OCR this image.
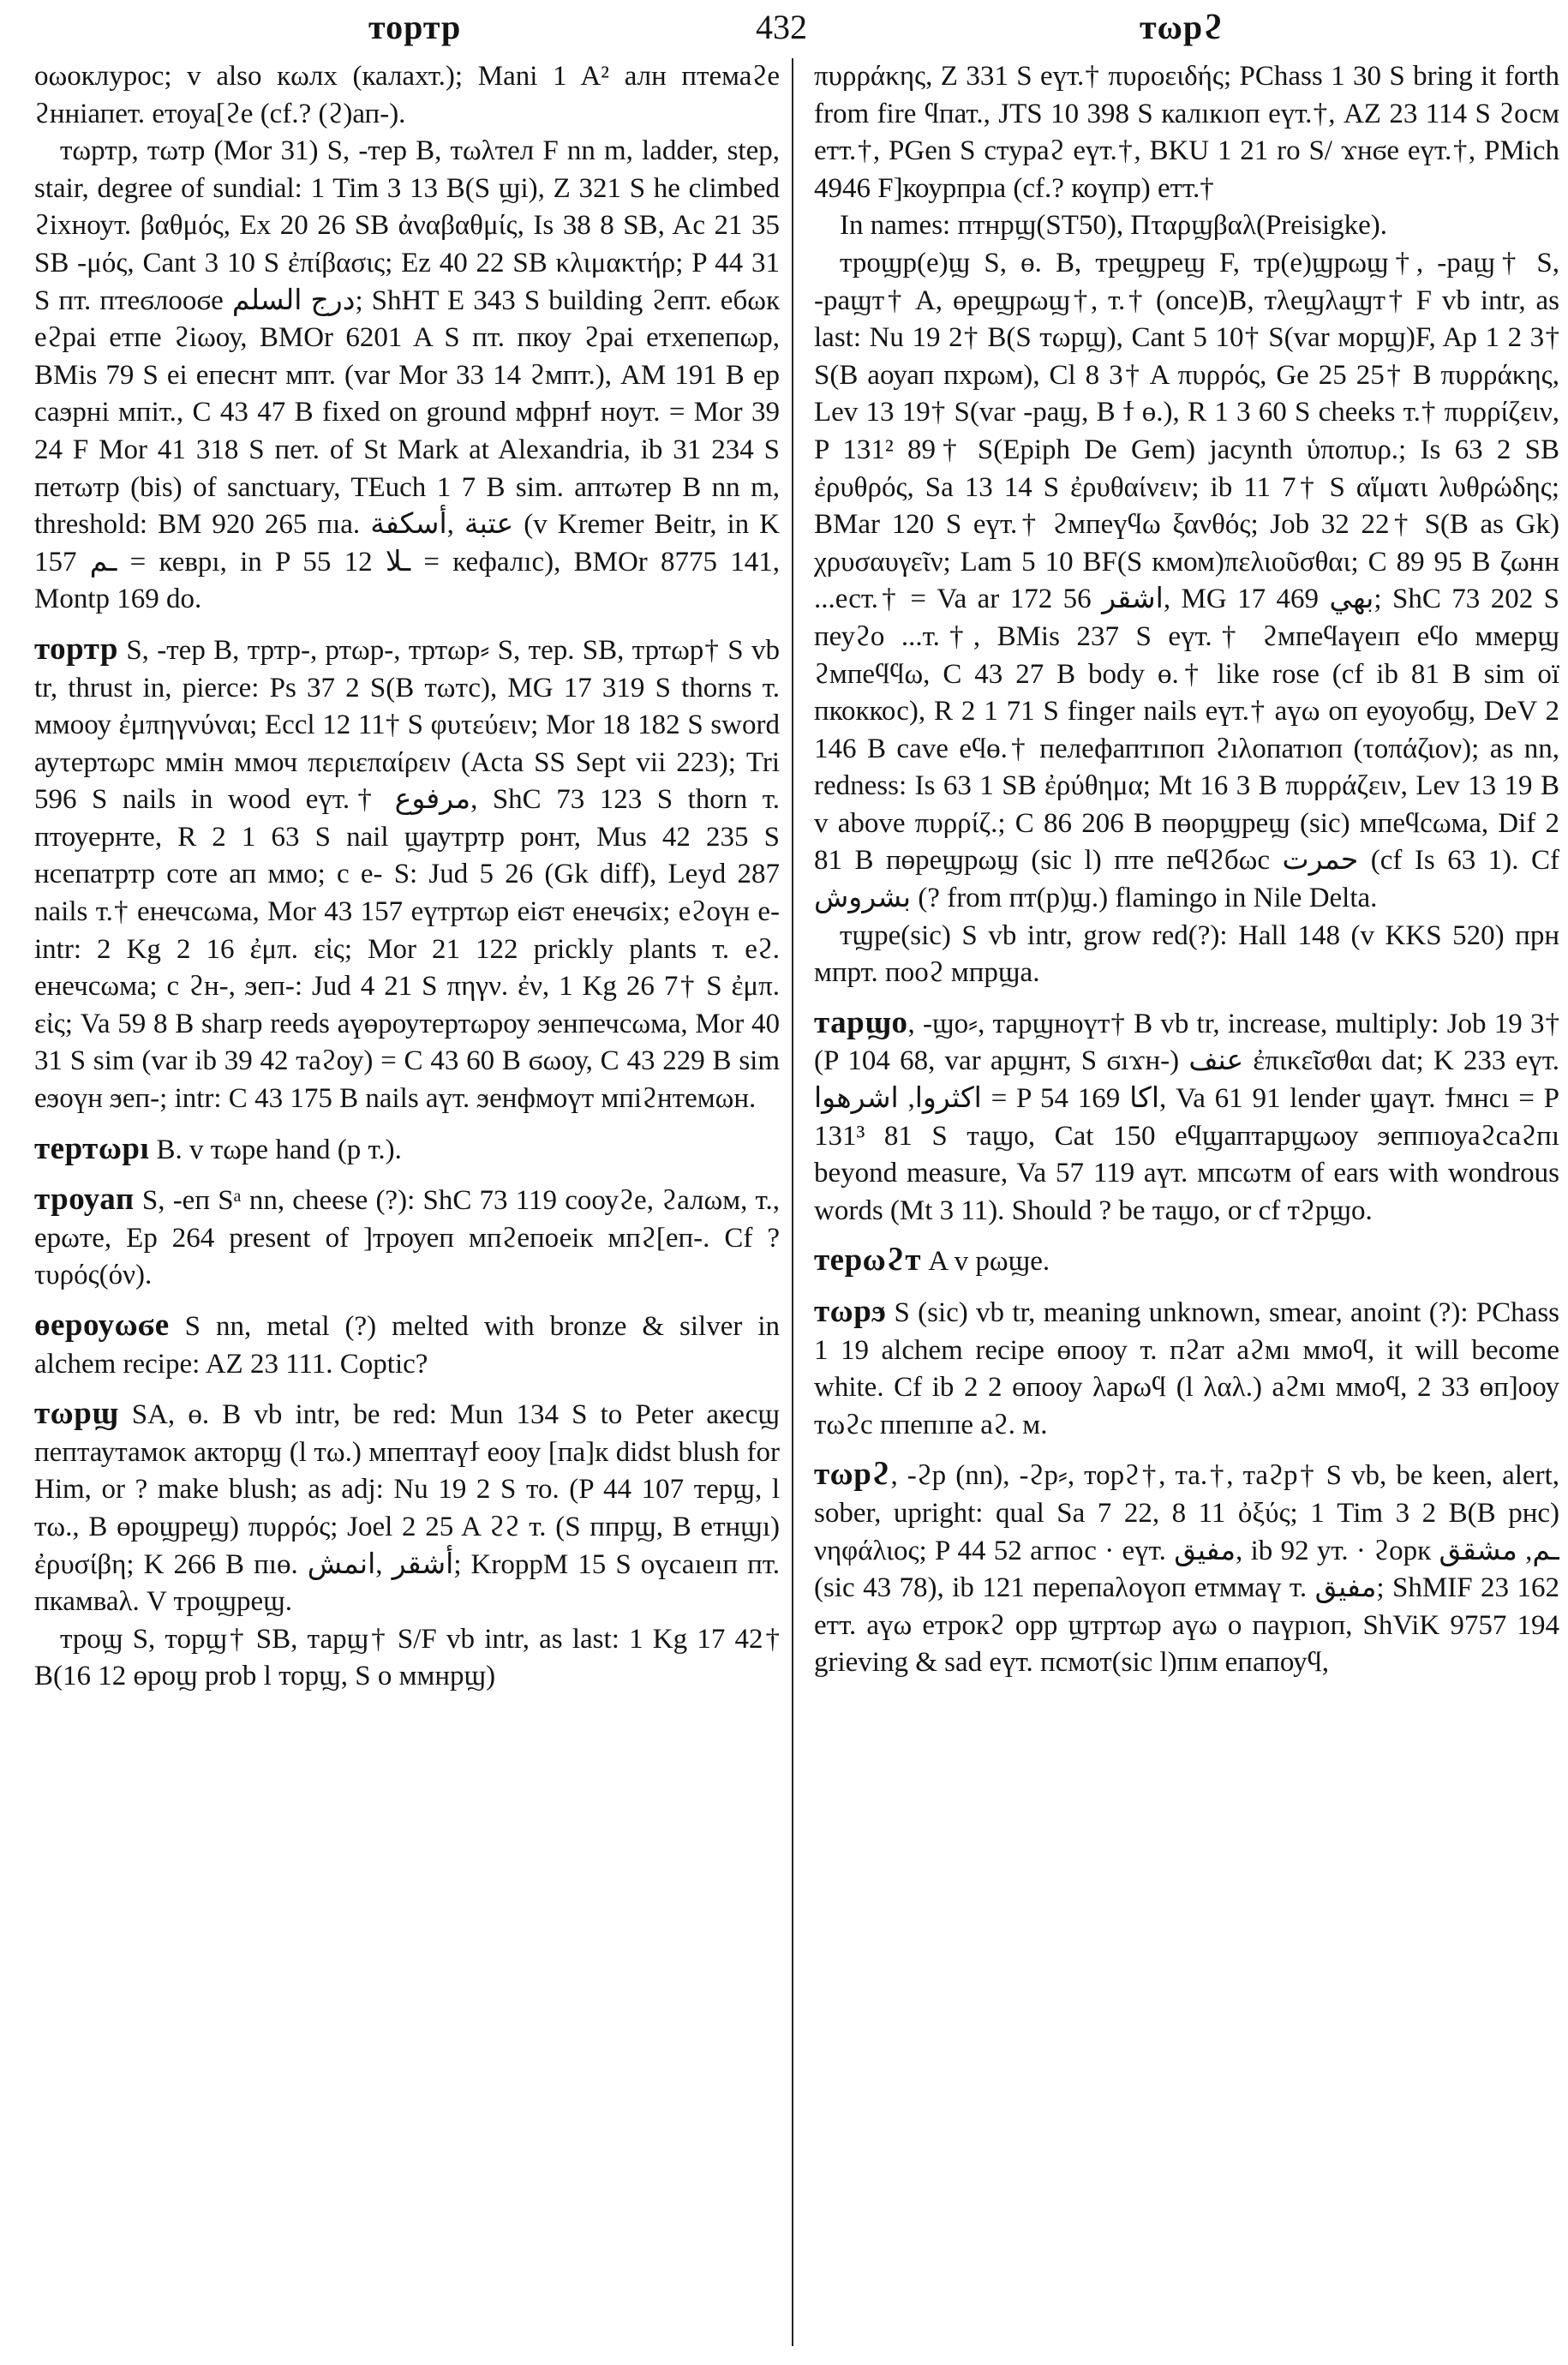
тортр	432	тωрϩ

оωоклуроc; v also кωлх (калахт.); Mani 1 A² алн птемаϩе ϩнніапет. етоуа[ϩе (cf.? (ϩ)ап-).

тωртр, тωтр (Mor 31) S, -тер B, тωλтел F nn m, ladder, step, stair, degree of sundial: 1 Tim 3 13 B(S ϣі), Z 321 S he climbed ϩіхноут. βαθμός, Ex 20 26 SB ἀναβαθμίς, Is 38 8 SB, Ac 21 35 SB -μός, Cant 3 10 S ἐπίβασις; Ez 40 22 SB κλιμακτήρ; P 44 31 S пт. птеϭлооϭе درج السلم; ShHT E 343 S building ϩепт. ебωк еϩраі етпе ϩіωоу, BMOr 6201 A S пт. пкоу ϩраі етхепепωр, BMis 79 S еі епеснт мпт. (var Mor 33 14 ϩмпт.), AM 191 B ер саϧрні мпіт., C 43 47 B fixed on ground мфрнϯ ноут. = Mor 39 24 F Mor 41 318 S пет. of St Mark at Alexandria, ib 31 234 S петωтр (bis) of sanctuary, TEuch 1 7 B sim. аптωтер B nn m, threshold: BM 920 265 пıа. عتبة ,أسكفة (v Kremer Beitr, in K 157 ـم = кеврı, in P 55 12 ـلا = кефалıс), BMOr 8775 141, Montp 169 do.

тортр S, -тер B, тртр-, ртωр-, тртωр⸗ S, тер. SB, тртωр† S vb tr, thrust in, pierce: Ps 37 2 S(B тωтс), MG 17 319 S thorns т. ммооу ἐμπηγνύναι; Eccl 12 11† S φυτεύειν; Mor 18 182 S sword ауτертωрс ммін ммоч περιεπαίρειν (Acta SS Sept vii 223); Tri 596 S nails in wood еүт.† مرفوع, ShC 73 123 S thorn т. птоуернте, R 2 1 63 S nail ϣаутртр ронт, Mus 42 235 S нсепатртр соте ап ммо; с е- S: Jud 5 26 (Gk diff), Leyd 287 nails т.† енечсωма, Mor 43 157 еүтртωр еіϭт енечϭіх; еϩоүн е- intr: 2 Kg 2 16 ἐμπ. εἰς; Mor 21 122 prickly plants т. еϩ. енечсωма; с ϩн-, ϧеп-: Jud 4 21 S πηγν. ἐν, 1 Kg 26 7† S ἐμπ. εἰς; Va 59 8 B sharp reeds аүөроутертωроу ϧенпечсωма, Mor 40 31 S sim (var ib 39 42 таϩоу) = C 43 60 B ϭωоу, C 43 229 B sim еϧоүн ϧеп-; intr: C 43 175 B nails аүт. ϧенфмоүт мпіϩнтемωн.

тертωрı B. v тωре hand (р т.).

троуап S, -еп Sᵃ nn, cheese (?): ShC 73 119 сооуϩе, ϩалωм, т., ерωте, Ep 264 present of ]троуеп мпϩепоеік мпϩ[еп-. Cf ?τυρός(όν).

өероуωϭе S nn, metal (?) melted with bronze & silver in alchem recipe: AZ 23 111. Coptic?

тωрϣ SA, ө. B vb intr, be red: Mun 134 S to Peter акесϣ пептаутамоκ акторϣ (l тω.) мпептаүϯ еооу [па]к didst blush for Him, or ? make blush; as adj: Nu 19 2 S то. (P 44 107 терϣ, l тω., B өроϣреϣ) πυρρός; Joel 2 25 A ϩϩ т. (S ппрϣ, B етнϣı) ἐρυσίβη; K 266 B пıө. أشقر ,انمش; KroppM 15 S оүсаıеıп пт. пкамваλ. V троϣреϣ.

троϣ S, торϣ† SB, тарϣ† S/F vb intr, as last: 1 Kg 17 42† B(16 12 өроϣ prob l торϣ, S о ммнрϣ)

πυρράκης, Z 331 S еүт.† πυροειδής; PChass 1 30 S bring it forth from fire ϥпат., JTS 10 398 S калıкıоп еүт.†, AZ 23 114 S ϩосм етт.†, PGen S стураϩ еүт.†, BKU 1 21 ro S/ ϫнϭе еүт.†, PMich 4946 F]коурпрıа (cf.? коүпр) етт.†

In names: птнрϣ(ST50), Πταρϣβαλ(Preisigke).

троϣр(е)ϣ S, ө. B, треϣреϣ F, тр(е)ϣрωϣ†, -раϣ† S, -раϣт† A, өреϣрωϣ†, т.† (once)B, тλеϣλаϣт† F vb intr, as last: Nu 19 2† B(S тωрϣ), Cant 5 10† S(var морϣ)F, Ap 1 2 3† S(B аоуап пхрωм), Cl 8 3† A πυρρός, Ge 25 25† B πυρράκης, Lev 13 19† S(var -раϣ, B ϯ ө.), R 1 3 60 S cheeks т.† πυρρίζειν, P 131² 89† S(Epiph De Gem) jacynth ὑποπυρ.; Is 63 2 SB ἐρυθρός, Sa 13 14 S ἐρυθαίνειν; ib 11 7† S αἵματι λυθρώδης; BMar 120 S еүт.† ϩмпеүϥω ξανθός; Job 32 22† S(B as Gk) χρυσαυγεῖν; Lam 5 10 BF(S кмом)πελιοῦσθαι; C 89 95 B ζωнн ...ест.† = Va ar 172 56 اشقر, MG 17 469 بهي; ShC 73 202 S пеуϩо ...т.†, BMis 237 S еүт.† ϩмпеϥаүеıп еϥо ммерϣ ϩмпеϥϥω, C 43 27 B body ө.† like rose (cf ib 81 B sim ої пкоккос), R 2 1 71 S finger nails еүт.† аүω оп еуоуобϣ, DeV 2 146 B cave еϥө.† пелефаптıпоп ϩıλопатıоп (τοπάζιον); as nn, redness: Is 63 1 SB ἐρύθημα; Mt 16 3 B πυρράζειν, Lev 13 19 B v above πυρρίζ.; C 86 206 B пөорϣреϣ (sic) мпеϥсωма, Dif 2 81 B пөреϣрωϣ (sic l) пте пеϥϩбωс حمرت (cf Is 63 1). Cf بشروش (? from пт(р)ϣ.) flamingo in Nile Delta.

тϣре(sic) S vb intr, grow red(?): Hall 148 (v KKS 520) прн мпрт. пооϩ мпрϣа.

тарϣо, -ϣо⸗, тарϣноүт† B vb tr, increase, multiply: Job 19 3† (P 104 68, var арϣнт, S ϭıϫн-) عنف ἐπικεῖσθαι dat; K 233 еүт. اكثروا, اشرهوا = P 54 169 اكا, Va 61 91 lender ϣаүт. ϯмнсı = P 131³ 81 S таϣо, Cat 150 еϥϣаптарϣωоу ϧеппıоуаϩсаϩпı beyond measure, Va 57 119 аүт. мпсωтм of ears with wondrous words (Mt 3 11). Should ? be таϣо, or cf тϩрϣо.

терωϩт A v рωϣе.

тωрϧ S (sic) vb tr, meaning unknown, smear, anoint (?): PChass 1 19 alchem recipe өпооу т. пϩат аϩмı ммоϥ, it will become white. Cf ib 2 2 өпооу λарωϥ (l λαλ.) аϩмı ммоϥ, 2 33 өп]ооу тωϩс ппепıпе аϩ. м.

тωрϩ, -ϩр (nn), -ϩр⸗, торϩ†, та.†, таϩр† S vb, be keen, alert, sober, upright: qual Sa 7 22, 8 11 ὀξύς; 1 Tim 3 2 B(B рнс) νηφάλιος; P 44 52 агпос · еүт. مفيق, ib 92 ут. · ϩорк ـم, مشقق (sic 43 78), ib 121 перепаλоүоп етммаү т. مفيق; ShMIF 23 162 етт. аүω етрокϩ opp ϣтртωр аүω о паүрıоп, ShViK 9757 194 grieving & sad еүт. псмот(sic l)пıм епапоуϥ,
